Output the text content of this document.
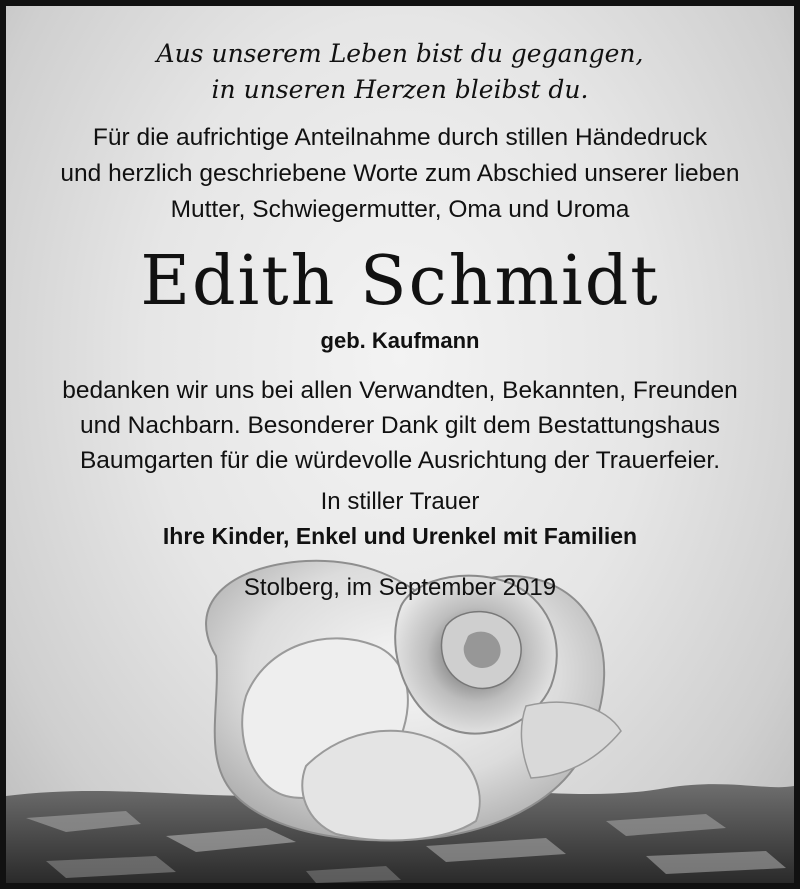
Aus unserem Leben bist du gegangen,
in unseren Herzen bleibst du.
Für die aufrichtige Anteilnahme durch stillen Händedruck
und herzlich geschriebene Worte zum Abschied unserer lieben
Mutter, Schwiegermutter, Oma und Uroma
Edith Schmidt
geb. Kaufmann
bedanken wir uns bei allen Verwandten, Bekannten, Freunden
und Nachbarn. Besonderer Dank gilt dem Bestattungshaus
Baumgarten für die würdevolle Ausrichtung der Trauerfeier.
In stiller Trauer
Ihre Kinder, Enkel und Urenkel mit Familien
Stolberg, im September 2019
